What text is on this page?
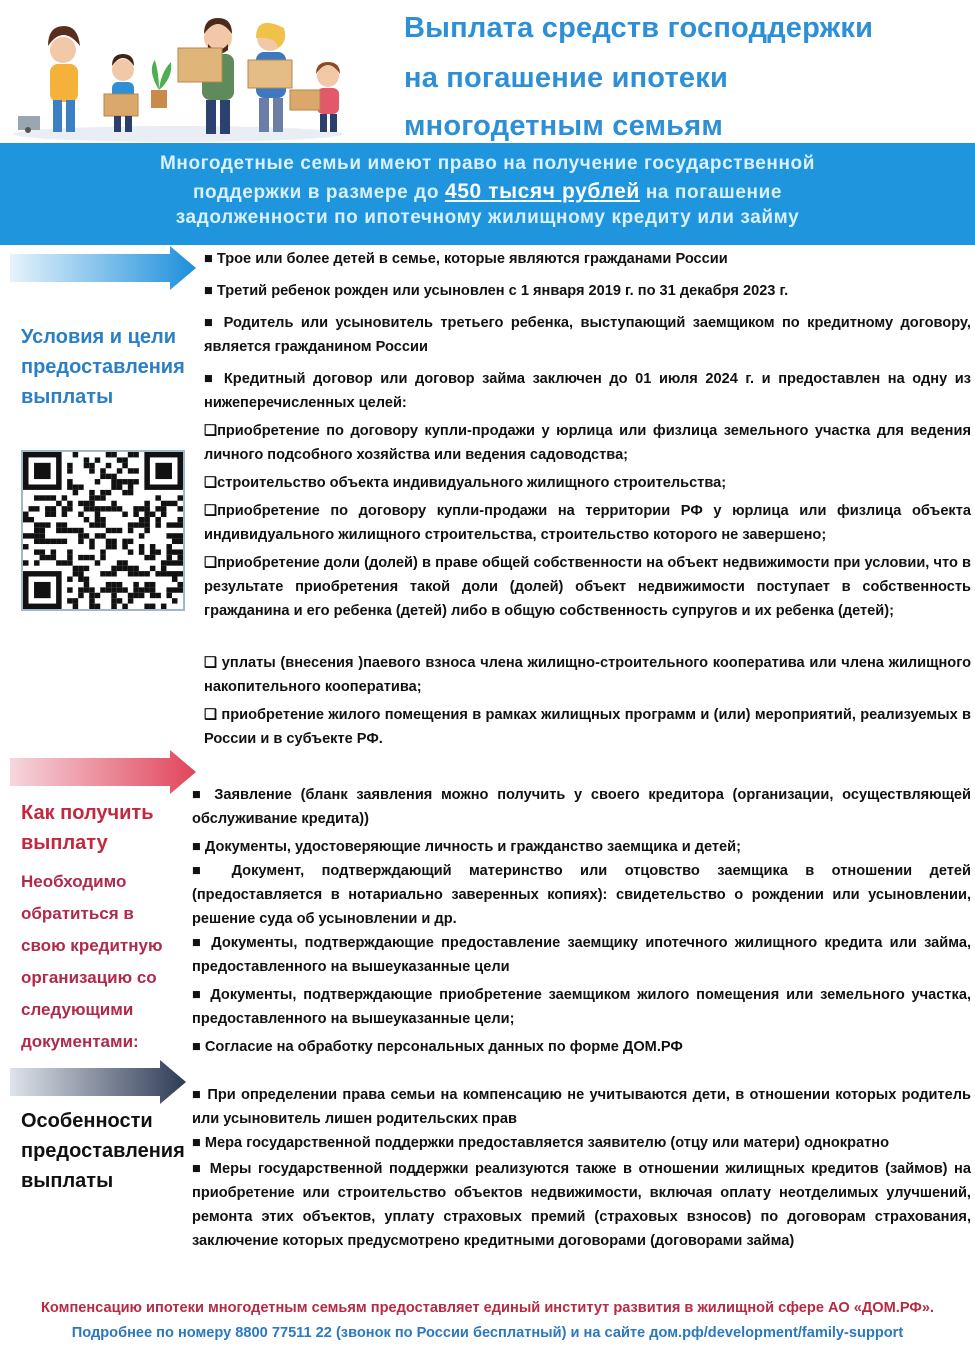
Выплата средств господдержки
на погашение ипотеки
многодетным семьям
Многодетные семьи имеют право на получение государственной
поддержки в размере до 450 тысяч рублей на погашение
задолженности по ипотечному жилищному кредиту или займу
Условия и цели предоставления выплаты
Как получить выплату
Необходимо обратиться в свою кредитную организацию со следующими документами:
Особенности предоставления выплаты
■ Трое или более детей в семье, которые являются гражданами России
■ Третий ребенок рожден или усыновлен с 1 января 2019 г. по 31 декабря 2023 г.
■ Родитель или усыновитель третьего ребенка, выступающий заемщиком по кредитному договору, является гражданином России
■ Кредитный договор или договор займа заключен до 01 июля 2024 г. и предоставлен на одну из нижеперечисленных целей:
❑приобретение по договору купли-продажи у юрлица или физлица земельного участка для ведения личного подсобного хозяйства или ведения садоводства;
❑строительство объекта индивидуального жилищного строительства;
❑приобретение по договору купли-продажи на территории РФ у юрлица или физлица объекта индивидуального жилищного строительства, строительство которого не завершено;
❑приобретение доли (долей) в праве общей собственности на объект недвижимости при условии, что в результате приобретения такой доли (долей) объект недвижимости поступает в собственность гражданина и его ребенка (детей) либо в общую собственность супругов и их ребенка (детей);
❑ уплаты (внесения )паевого взноса члена жилищно-строительного кооператива или члена жилищного накопительного кооператива;
❑ приобретение жилого помещения в рамках жилищных программ и (или) мероприятий, реализуемых в России и в субъекте РФ.
■ Заявление (бланк заявления можно получить у своего кредитора (организации, осуществляющей обслуживание кредита))
■ Документы, удостоверяющие личность и гражданство заемщика и детей;
■ Документ, подтверждающий материнство или отцовство заемщика в отношении детей (предоставляется в нотариально заверенных копиях): свидетельство о рождении или усыновлении, решение суда об усыновлении и др.
■ Документы, подтверждающие предоставление заемщику ипотечного жилищного кредита или займа, предоставленного на вышеуказанные цели
■ Документы, подтверждающие приобретение заемщиком жилого помещения или земельного участка, предоставленного на вышеуказанные цели;
■ Согласие на обработку персональных данных по форме ДОМ.РФ
■ При определении права семьи на компенсацию не учитываются дети, в отношении которых родитель или усыновитель лишен родительских прав
■ Мера государственной поддержки предоставляется заявителю (отцу или матери) однократно
■ Меры государственной поддержки реализуются также в отношении жилищных кредитов (займов) на приобретение или строительство объектов недвижимости, включая оплату неотделимых улучшений, ремонта этих объектов, уплату страховых премий (страховых взносов) по договорам страхования, заключение которых предусмотрено кредитными договорами (договорами займа)
Компенсацию ипотеки многодетным семьям предоставляет единый институт развития в жилищной сфере АО «ДОМ.РФ».
Подробнее по номеру 8800 77511 22 (звонок по России бесплатный) и на сайте дом.рф/development/family-support
